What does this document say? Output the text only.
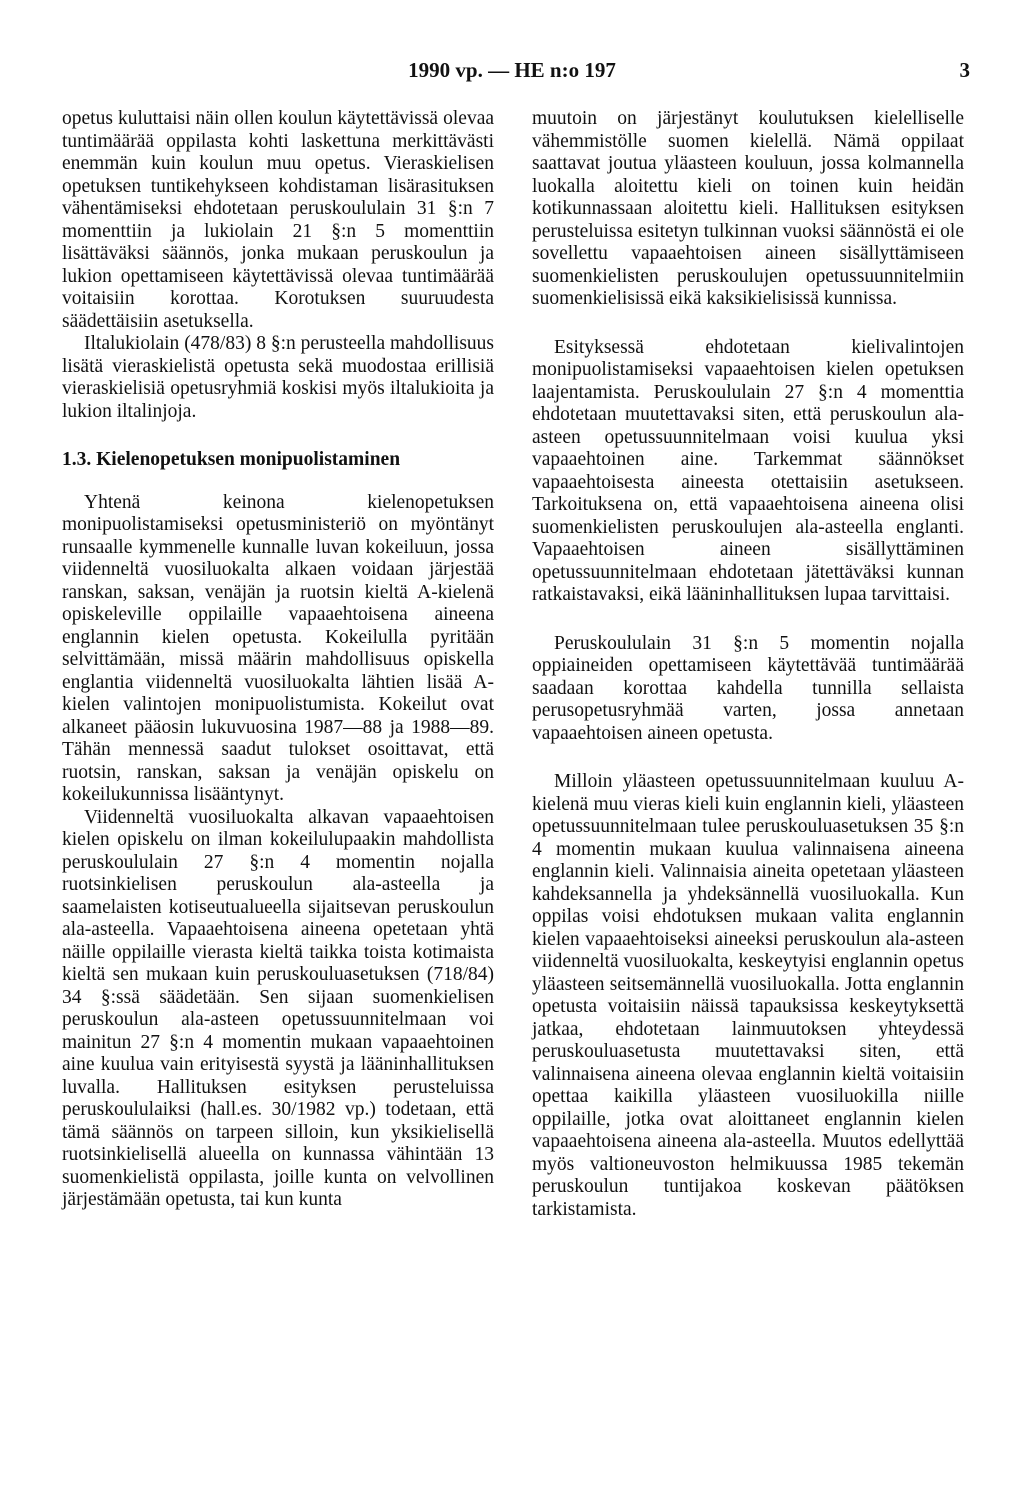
1990 vp. — HE n:o 197	3

opetus kuluttaisi näin ollen koulun käytettävissä olevaa tuntimäärää oppilasta kohti laskettuna merkittävästi enemmän kuin koulun muu opetus. Vieraskielisen opetuksen tuntikehykseen kohdistaman lisärasituksen vähentämiseksi ehdotetaan peruskoululain 31 §:n 7 momenttiin ja lukiolain 21 §:n 5 momenttiin lisättäväksi säännös, jonka mukaan peruskoulun ja lukion opettamiseen käytettävissä olevaa tuntimäärää voitaisiin korottaa. Korotuksen suuruudesta säädettäisiin asetuksella.

Iltalukiolain (478/83) 8 §:n perusteella mahdollisuus lisätä vieraskielistä opetusta sekä muodostaa erillisiä vieraskielisiä opetusryhmiä koskisi myös iltalukioita ja lukion iltalinjoja.

1.3. Kielenopetuksen monipuolistaminen

Yhtenä keinona kielenopetuksen monipuolistamiseksi opetusministeriö on myöntänyt runsaalle kymmenelle kunnalle luvan kokeiluun, jossa viidenneltä vuosiluokalta alkaen voidaan järjestää ranskan, saksan, venäjän ja ruotsin kieltä A-kielenä opiskeleville oppilaille vapaaehtoisena aineena englannin kielen opetusta. Kokeilulla pyritään selvittämään, missä määrin mahdollisuus opiskella englantia viidenneltä vuosiluokalta lähtien lisää A-kielen valintojen monipuolistumista. Kokeilut ovat alkaneet pääosin lukuvuosina 1987—88 ja 1988—89. Tähän mennessä saadut tulokset osoittavat, että ruotsin, ranskan, saksan ja venäjän opiskelu on kokeilukunnissa lisääntynyt.

Viidenneltä vuosiluokalta alkavan vapaaehtoisen kielen opiskelu on ilman kokeilulupaakin mahdollista peruskoululain 27 §:n 4 momentin nojalla ruotsinkielisen peruskoulun ala-asteella ja saamelaisten kotiseutualueella sijaitsevan peruskoulun ala-asteella. Vapaaehtoisena aineena opetetaan yhtä näille oppilaille vierasta kieltä taikka toista kotimaista kieltä sen mukaan kuin peruskouluasetuksen (718/84) 34 §:ssä säädetään. Sen sijaan suomenkielisen peruskoulun ala-asteen opetussuunnitelmaan voi mainitun 27 §:n 4 momentin mukaan vapaaehtoinen aine kuulua vain erityisestä syystä ja lääninhallituksen luvalla. Hallituksen esityksen perusteluissa peruskoululaiksi (hall.es. 30/1982 vp.) todetaan, että tämä säännös on tarpeen silloin, kun yksikielisellä ruotsinkielisellä alueella on kunnassa vähintään 13 suomenkielistä oppilasta, joille kunta on velvollinen järjestämään opetusta, tai kun kunta

muutoin on järjestänyt koulutuksen kielelliselle vähemmistölle suomen kielellä. Nämä oppilaat saattavat joutua yläasteen kouluun, jossa kolmannella luokalla aloitettu kieli on toinen kuin heidän kotikunnassaan aloitettu kieli. Hallituksen esityksen perusteluissa esitetyn tulkinnan vuoksi säännöstä ei ole sovellettu vapaaehtoisen aineen sisällyttämiseen suomenkielisten peruskoulujen opetussuunnitelmiin suomenkielisissä eikä kaksikielisissä kunnissa.

Esityksessä ehdotetaan kielivalintojen monipuolistamiseksi vapaaehtoisen kielen opetuksen laajentamista. Peruskoululain 27 §:n 4 momenttia ehdotetaan muutettavaksi siten, että peruskoulun ala-asteen opetussuunnitelmaan voisi kuulua yksi vapaaehtoinen aine. Tarkemmat säännökset vapaaehtoisesta aineesta otettaisiin asetukseen. Tarkoituksena on, että vapaaehtoisena aineena olisi suomenkielisten peruskoulujen ala-asteella englanti. Vapaaehtoisen aineen sisällyttäminen opetussuunnitelmaan ehdotetaan jätettäväksi kunnan ratkaistavaksi, eikä lääninhallituksen lupaa tarvittaisi.

Peruskoululain 31 §:n 5 momentin nojalla oppiaineiden opettamiseen käytettävää tuntimäärää saadaan korottaa kahdella tunnilla sellaista perusopetusryhmää varten, jossa annetaan vapaaehtoisen aineen opetusta.

Milloin yläasteen opetussuunnitelmaan kuuluu A-kielenä muu vieras kieli kuin englannin kieli, yläasteen opetussuunnitelmaan tulee peruskouluasetuksen 35 §:n 4 momentin mukaan kuulua valinnaisena aineena englannin kieli. Valinnaisia aineita opetetaan yläasteen kahdeksannella ja yhdeksännellä vuosiluokalla. Kun oppilas voisi ehdotuksen mukaan valita englannin kielen vapaaehtoiseksi aineeksi peruskoulun ala-asteen viidenneltä vuosiluokalta, keskeytyisi englannin opetus yläasteen seitsemännellä vuosiluokalla. Jotta englannin opetusta voitaisiin näissä tapauksissa keskeytyksettä jatkaa, ehdotetaan lainmuutoksen yhteydessä peruskouluasetusta muutettavaksi siten, että valinnaisena aineena olevaa englannin kieltä voitaisiin opettaa kaikilla yläasteen vuosiluokilla niille oppilaille, jotka ovat aloittaneet englannin kielen vapaaehtoisena aineena ala-asteella. Muutos edellyttää myös valtioneuvoston helmikuussa 1985 tekemän peruskoulun tuntijakoa koskevan päätöksen tarkistamista.
